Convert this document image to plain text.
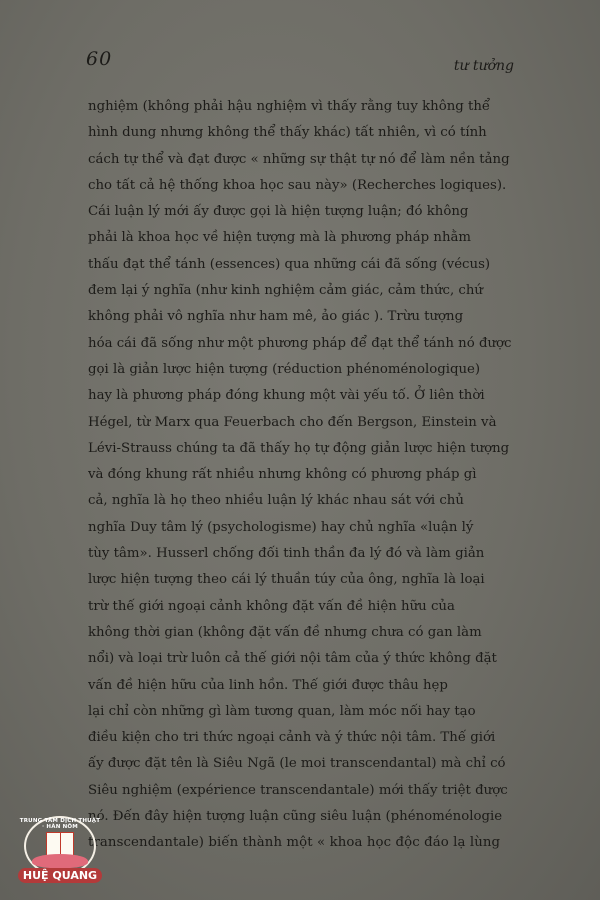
60	tư tưởng
nghiệm (không phải hậu nghiệm vì thấy rằng tuy không thể
hình dung nhưng không thể thấy khác) tất nhiên, vì có tính
cách tự thể và đạt được « những sự thật tự nó để làm nền tảng
cho tất cả hệ thống khoa học sau này» (Recherches logiques).
Cái luận lý mới ấy được gọi là hiện tượng luận; đó không
phải là khoa học về hiện tượng mà là phương pháp nhằm
thấu đạt thể tánh (essences) qua những cái đã sống (vécus)
đem lại ý nghĩa (như kinh nghiệm cảm giác, cảm thức, chứ
không phải vô nghĩa như ham mê, ảo giác ). Trừu tượng
hóa cái đã sống như một phương pháp để đạt thể tánh nó được
gọi là giản lược hiện tượng (réduction phénoménologique)
hay là phương pháp đóng khung một vài yếu tố. Ở liên thời
Hégel, từ Marx qua Feuerbach cho đến Bergson, Einstein và
Lévi-Strauss chúng ta đã thấy họ tự động giản lược hiện tượng
và đóng khung rất nhiều nhưng không có phương pháp gì
cả, nghĩa là họ theo nhiều luận lý khác nhau sát với chủ
nghĩa Duy tâm lý (psychologisme) hay chủ nghĩa «luận lý
tùy tâm». Husserl chống đối tinh thần đa lý đó và làm giản
lược hiện tượng theo cái lý thuần túy của ông, nghĩa là loại
trừ thế giới ngoại cảnh không đặt vấn đề hiện hữu của
không thời gian (không đặt vấn đề nhưng chưa có gan làm
nổi) và loại trừ luôn cả thế giới nội tâm của ý thức không đặt
vấn đề hiện hữu của linh hồn. Thế giới được thâu hẹp
lại chỉ còn những gì làm tương quan, làm móc nối hay tạo
điều kiện cho tri thức ngoại cảnh và ý thức nội tâm. Thế giới
ấy được đặt tên là Siêu Ngã (le moi transcendantal) mà chỉ có
Siêu nghiệm (expérience transcendantale) mới thấy triệt được
nó. Đến đây hiện tượng luận cũng siêu luận (phénoménologie
transcendantale) biến thành một « khoa học độc đáo lạ lùng
TRUNG TÂM DỊCH THUẬT · HÀN NÔM
HUỆ QUANG
